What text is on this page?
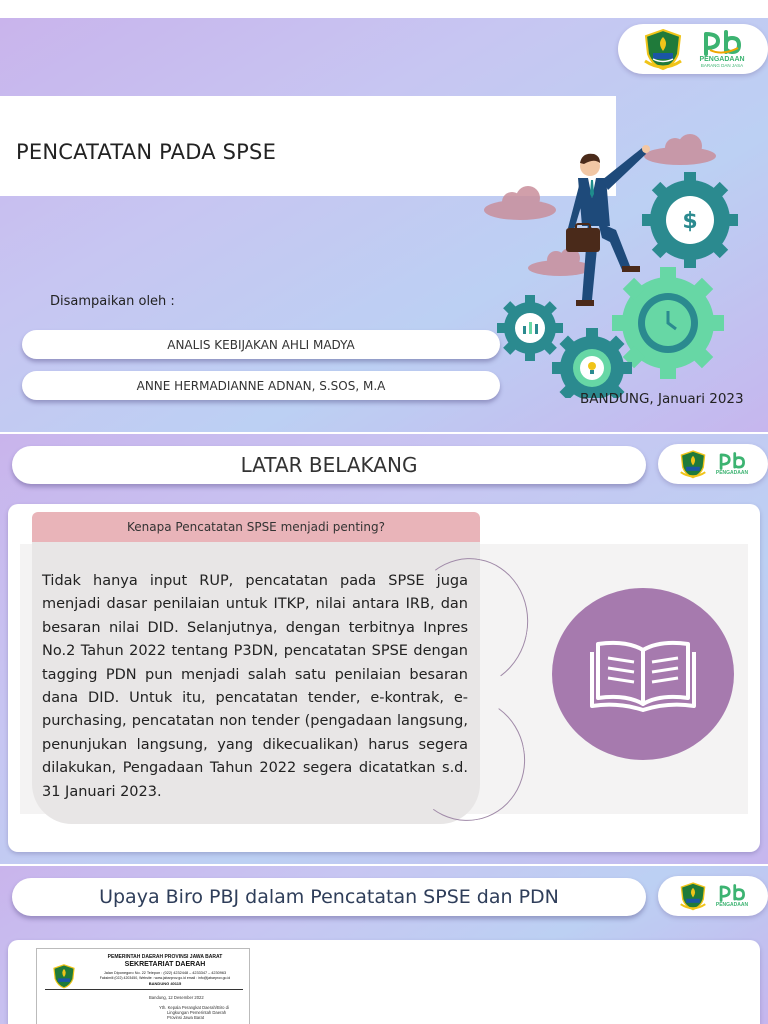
PENGADAAN
BARANG DAN JASA
PENCATATAN PADA SPSE
$
Disampaikan oleh :
ANALIS KEBIJAKAN AHLI MADYA
ANNE HERMADIANNE ADNAN, S.SOS, M.A
BANDUNG, Januari 2023
LATAR BELAKANG	PENGADAAN
Kenapa Pencatatan SPSE menjadi penting?
Tidak hanya input RUP, pencatatan pada SPSE juga menjadi dasar penilaian untuk ITKP, nilai antara IRB, dan besaran nilai DID. Selanjutnya, dengan terbitnya Inpres No.2 Tahun 2022 tentang P3DN, pencatatan SPSE dengan tagging PDN pun menjadi salah satu penilaian besaran dana DID. Untuk itu, pencatatan tender, e-kontrak, e-purchasing, pencatatan non tender (pengadaan langsung, penunjukan langsung, yang dikecualikan) harus segera dilakukan, Pengadaan Tahun 2022 segera dicatatkan s.d. 31 Januari 2023.
Upaya Biro PBJ dalam Pencatatan SPSE dan PDN	PENGADAAN
PEMERINTAH DAERAH PROVINSI JAWA BARAT
SEKRETARIAT DAERAH
Jalan Diponegoro No. 22 Telepon : (022) 4232448 – 4233347 – 4230963
Faksimili (022) 4203450, Website : www.jabarprov.go.id email : info@jabarprov.go.id
BANDUNG 40115
Bandung, 12 Desember 2022
Yth. Kepala Perangkat Daerah/Biro di
Lingkungan Pemerintah Daerah
Provinsi Jawa Barat
